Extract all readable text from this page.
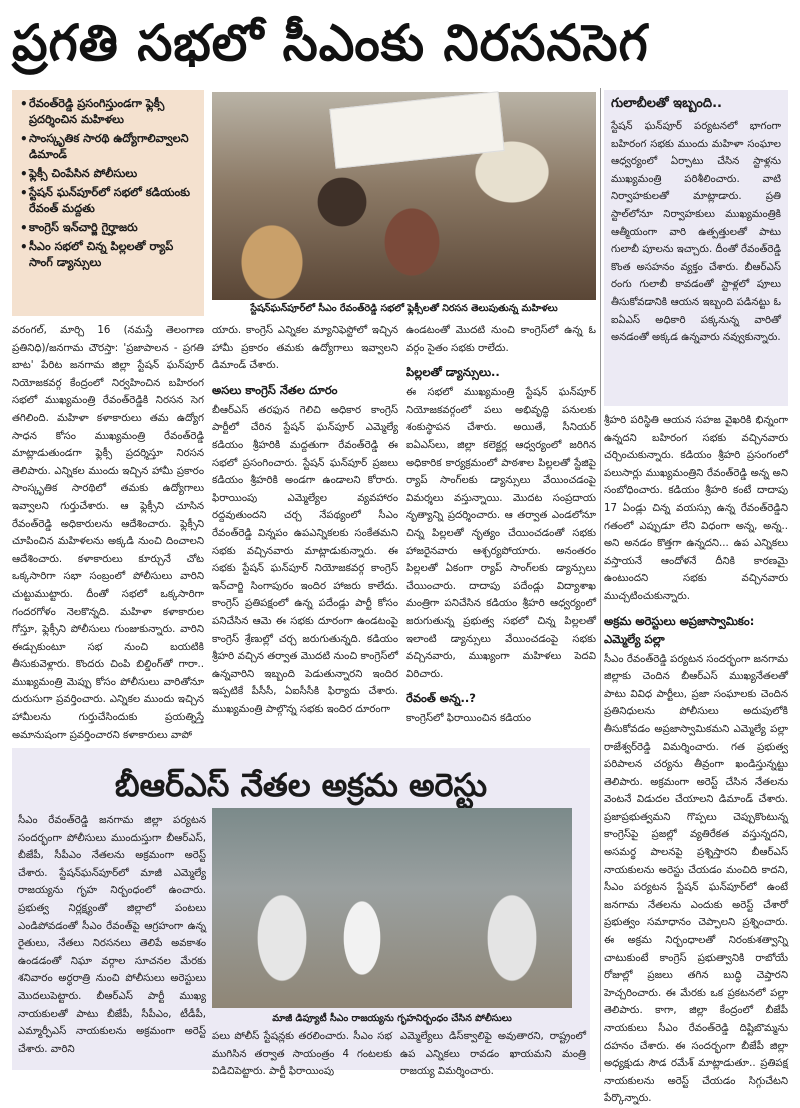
ప్రగతి సభలో సీఎంకు నిరసనసెగ
• రేవంత్‌రెడ్డి ప్రసంగిస్తుండగా ఫ్లెక్సీ ప్రదర్శించిన మహిళలు
• సాంస్కృతిక సారథి ఉద్యోగాలివ్వాలని డిమాండ్‌
• ఫ్లెక్సీ చింపేసిన పోలీసులు
• స్టేషన్‌ ఘన్‌పూర్‌లో సభలో కడియంకు రేవంత్‌ మద్దతు
• కాంగ్రెస్‌ ఇన్‌చార్జి గైర్హాజరు
• సీఎం సభలో చిన్న పిల్లలతో ర్యాప్‌ సాంగ్‌ డ్యాన్సులు
స్టేషన్‌ఘన్‌పూర్‌లో సీఎం రేవంత్‌రెడ్డి సభలో ఫ్లెక్సీలతో నిరసన తెలుపుతున్న మహిళలు
గులాబీలతో ఇబ్బంది..
స్టేషన్‌ ఘన్‌పూర్‌ పర్యటనలో భాగంగా బహిరంగ సభకు ముందు మహిళా సంఘాల ఆధ్వర్యంలో ఏర్పాటు చేసిన స్టాళ్లను ముఖ్యమంత్రి పరిశీలించారు. వాటి నిర్వాహకులతో మాట్లాడారు. ప్రతి స్టాల్‌లోనూ నిర్వాహకులు ముఖ్యమంత్రికి ఆత్మీయంగా వారి ఉత్పత్తులతో పాటు గులాబీ పూలను ఇచ్చారు. దీంతో రేవంత్‌రెడ్డి కొంత అసహనం వ్యక్తం చేశారు. బీఆర్‌ఎస్‌ రంగు గులాబీ కావడంతో స్టాళ్లలో పూలు తీసుకోవడానికి ఆయన ఇబ్బంది పడినట్టు ఓ ఐఏఎస్‌ అధికారి పక్కనున్న వారితో అనడంతో అక్కడ ఉన్నవారు నవ్వుకున్నారు.
వరంగల్‌, మార్చి 16 (నమస్తే తెలంగాణ ప్రతినిధి)/జనగామ చౌరస్తా: 'ప్రజాపాలన - ప్రగతి బాట' పేరిట జనగామ జిల్లా స్టేషన్‌ ఘన్‌పూర్‌ నియోజకవర్గ కేంద్రంలో నిర్వహించిన బహిరంగ సభలో ముఖ్యమంత్రి రేవంత్‌రెడ్డికి నిరసన సెగ తగిలింది. మహిళా కళాకారులు తమ ఉద్యోగ సాధన కోసం ముఖ్యమంత్రి రేవంత్‌రెడ్డి మాట్లాడుతుండగా ఫ్లెక్సీ ప్రదర్శిస్తూ నిరసన తెలిపారు. ఎన్నికల ముందు ఇచ్చిన హామీ ప్రకారం సాంస్కృతిక సారథిలో తమకు ఉద్యోగాలు ఇవ్వాలని గుర్తుచేశారు. ఆ ఫ్లెక్సీని చూసిన రేవంత్‌రెడ్డి అధికారులను ఆదేశించారు. ఫ్లెక్సీని చూపించిన మహిళలను అక్కడి నుంచి దించాలని ఆదేశించారు. కళాకారులు కూర్చునే చోట ఒక్కసారిగా సభా సంబ్రంలో పోలీసులు వారిని చుట్టుముట్టారు. దీంతో సభలో ఒక్కసారిగా గందరగోళం నెలకొన్నది. మహిళా కళాకారుల గోస్తూ, ఫ్లెక్సీని పోలీసులు గుంజుకున్నారు. వారిని ఈడ్చుకుంటూ సభ నుంచి బయటికి తీసుకువెళ్లారు. కొందరు చింపి బిల్డింగ్‌తో గారా.. ముఖ్యమంత్రి మెప్పు కోసం పోలీసులు వారితోనూ దురుసుగా ప్రవర్తించారు. ఎన్నికల ముందు ఇచ్చిన హామీలను గుర్తుచేసిందుకు ప్రయత్నిస్తే అమానుషంగా ప్రవర్తించారని కళాకారులు వాపో
యారు. కాంగ్రెస్‌ ఎన్నికల మ్యానిఫెస్టోలో ఇచ్చిన హామీ ప్రకారం తమకు ఉద్యోగాలు ఇవ్వాలని డిమాండ్‌ చేశారు.
అసలు కాంగ్రెస్‌ నేతల దూరం
బీఆర్‌ఎస్‌ తరఫున గెలిచి అధికార కాంగ్రెస్‌ పార్టీలో చేరిన స్టేషన్‌ ఘన్‌పూర్‌ ఎమ్మెల్యే కడియం శ్రీహరికి మద్దతుగా రేవంత్‌రెడ్డి ఈ సభలో ప్రసంగించారు. స్టేషన్‌ ఘన్‌పూర్‌ ప్రజలు కడియం శ్రీహరికి అండగా ఉండాలని కోరారు. ఫిరాయింపు ఎమ్మెల్యేల వ్యవహారం రద్దవుతుందని చర్చ నేపథ్యంలో సీఎం రేవంత్‌రెడ్డి విన్నపం ఉపఎన్నికలకు సంకేతమని సభకు వచ్చినవారు మాట్లాడుకున్నారు. ఈ సభకు స్టేషన్‌ ఘన్‌పూర్‌ నియోజకవర్గ కాంగ్రెస్‌ ఇన్‌చార్జి సింగాపురం ఇందిర హాజరు కాలేదు. కాంగ్రెస్‌ ప్రతిపక్షంలో ఉన్న పదేండ్లు పార్టీ కోసం పనిచేసిన ఆమె ఈ సభకు దూరంగా ఉండటంపై కాంగ్రెస్‌ శ్రేణుల్లో చర్చ జరుగుతున్నది. కడియం శ్రీహరి వచ్చిన తర్వాత మొదటి నుంచి కాంగ్రెస్‌లో ఉన్నవారిని ఇబ్బంది పెడుతున్నారని ఇందిర ఇప్పటికే పీసీసీ, ఏఐసీసీకి ఫిర్యాదు చేశారు. ముఖ్యమంత్రి పాల్గొన్న సభకు ఇందిర దూరంగా
ఉండటంతో మొదటి నుంచి కాంగ్రెస్‌లో ఉన్న ఓ వర్గం సైతం సభకు రాలేదు.
పిల్లలతో డ్యాన్సులు..
ఈ సభలో ముఖ్యమంత్రి స్టేషన్‌ ఘన్‌పూర్‌ నియోజకవర్గంలో పలు అభివృద్ధి పనులకు శంకుస్థాపన చేశారు. అయితే, సీనియర్‌ ఐఏఎస్‌లు, జిల్లా కలెక్టర్ల ఆధ్వర్యంలో జరిగిన అధికారిక కార్యక్రమంలో పాఠశాల పిల్లలతో స్టేజిపై ర్యాప్‌ సాంగ్‌లకు డ్యాన్సులు వేయించడంపై విమర్శలు వస్తున్నాయి. మొదట సంప్రదాయ నృత్యాన్ని ప్రదర్శించారు. ఆ తర్వాత ఎండలోనూ చిన్న పిల్లలతో నృత్యం చేయించడంతో సభకు హాజరైనవారు ఆశ్చర్యపోయారు. అనంతరం పిల్లలతో ఏకంగా ర్యాప్‌ సాంగ్‌లకు డ్యాన్సులు చేయించారు. దాదాపు పదేండ్లు విద్యాశాఖ మంత్రిగా పనిచేసిన కడియం శ్రీహరి ఆధ్వర్యంలో జరుగుతున్న ప్రభుత్వ సభలో చిన్న పిల్లలతో ఇలాంటి డ్యాన్సులు వేయించడంపై సభకు వచ్చినవారు, ముఖ్యంగా మహిళలు పెదవి విరిచారు.
రేవంత్‌ అన్న..?
కాంగ్రెస్‌లో ఫిరాయించిన కడియం
శ్రీహరి పరిస్థితి ఆయన సహజ వైఖరికి భిన్నంగా ఉన్నదని బహిరంగ సభకు వచ్చినవారు చర్చించుకున్నారు. కడియం శ్రీహరి ప్రసంగంలో పలుసార్లు ముఖ్యమంత్రిని రేవంత్‌రెడ్డి అన్న అని సంబోధించారు. కడియం శ్రీహరి కంటే దాదాపు 17 ఏండ్లు చిన్న వయస్సు ఉన్న రేవంత్‌రెడ్డిని గతంలో ఎప్పుడూ లేని విధంగా అన్న, అన్న.. అని అనడం కొత్తగా ఉన్నదని... ఉప ఎన్నికలు వస్తాయనే ఆందోళనే దీనికి కారణమై ఉంటుందని సభకు వచ్చినవారు ముచ్చటించుకున్నారు.
అక్రమ అరెస్టులు అప్రజాస్వామికం: ఎమ్మెల్యే పల్లా
సీఎం రేవంత్‌రెడ్డి పర్యటన సందర్భంగా జనగామ జిల్లాకు చెందిన బీఆర్‌ఎస్‌ ముఖ్యనేతలతో పాటు వివిధ పార్టీలు, ప్రజా సంఘాలకు చెందిన ప్రతినిధులను పోలీసులు అదుపులోకి తీసుకోవడం అప్రజాస్వామికమని ఎమ్మెల్యే పల్లా రాజేశ్వర్‌రెడ్డి విమర్శించారు. గత ప్రభుత్వ పరిపాలన చర్యను తీవ్రంగా ఖండిస్తున్నట్టు తెలిపారు. అక్రమంగా అరెస్ట్‌ చేసిన నేతలను వెంటనే విడుదల చేయాలని డిమాండ్‌ చేశారు. ప్రజాప్రభుత్వమని గొప్పలు చెప్పుకొంటున్న కాంగ్రెస్‌పై ప్రజల్లో వ్యతిరేకత వస్తున్నదని, అసమర్థ పాలనపై ప్రశ్నిస్తారని బీఆర్‌ఎస్‌ నాయకులను అరెస్టు చేయడం మంచిది కాదని, సీఎం పర్యటన స్టేషన్‌ ఘన్‌పూర్‌లో ఉంటే జనగామ నేతలను ఎందుకు అరెస్ట్‌ చేశారో ప్రభుత్వం సమాధానం చెప్పాలని ప్రశ్నించారు. ఈ అక్రమ నిర్బంధాలతో నిరంకుశత్వాన్ని చాటుకుంటే కాంగ్రెస్‌ ప్రభుత్వానికి రాబోయే రోజుల్లో ప్రజలు తగిన బుద్ధి చెప్తారని హెచ్చరించారు. ఈ మేరకు ఒక ప్రకటనలో పల్లా తెలిపారు. కాగా, జిల్లా కేంద్రంలో బీజేపీ నాయకులు సీఎం రేవంత్‌రెడ్డి దిష్టిబొమ్మను దహనం చేశారు. ఈ సందర్భంగా బీజేపీ జిల్లా అధ్యక్షుడు సౌడ రమేశ్‌ మాట్లాడుతూ.. ప్రతిపక్ష నాయకులను అరెస్ట్‌ చేయడం సిగ్గుచేటని పేర్కొన్నారు.
బీఆర్‌ఎస్‌ నేతల అక్రమ అరెస్టు
సీఎం రేవంత్‌రెడ్డి జనగామ జిల్లా పర్యటన సందర్భంగా పోలీసులు ముందుస్తుగా బీఆర్‌ఎస్‌, బీజేపీ, సీపీఎం నేతలను అక్రమంగా అరెస్ట్‌ చేశారు. స్టేషన్‌ఘన్‌పూర్‌లో మాజీ ఎమ్మెల్యే రాజయ్యను గృహ నిర్బంధంలో ఉంచారు. ప్రభుత్వ నిర్లక్ష్యంతో జిల్లాలో పంటలు ఎండిపోవడంతో సీఎం రేవంత్‌పై ఆగ్రహంగా ఉన్న రైతులు, నేతలు నిరసనలు తెలిపే అవకాశం ఉండడంతో నిఘా వర్గాల సూచనల మేరకు శనివారం అర్ధరాత్రి నుంచి పోలీసులు అరెస్టులు మొదలుపెట్టారు. బీఆర్‌ఎస్‌ పార్టీ ముఖ్య నాయకులతో పాటు బీజేపీ, సీపీఎం, టీడీపీ, ఎమ్మార్పీఎస్‌ నాయకులను అక్రమంగా అరెస్ట్‌ చేశారు. వారిని
మాజీ డిప్యూటీ సీఎం రాజయ్యను గృహనిర్బంధం చేసిన పోలీసులు
పలు పోలీస్‌ స్టేషన్లకు తరలించారు. సీఎం సభ ముగిసిన తర్వాత సాయంత్రం 4 గంటలకు విడిచిపెట్టారు. పార్టీ ఫిరాయింపు
ఎమ్మెల్యేలు డిస్‌క్వాలిఫై అవుతారని, రాష్ట్రంలో ఉప ఎన్నికలు రావడం ఖాయమని మంత్రి రాజయ్య విమర్శించారు.
